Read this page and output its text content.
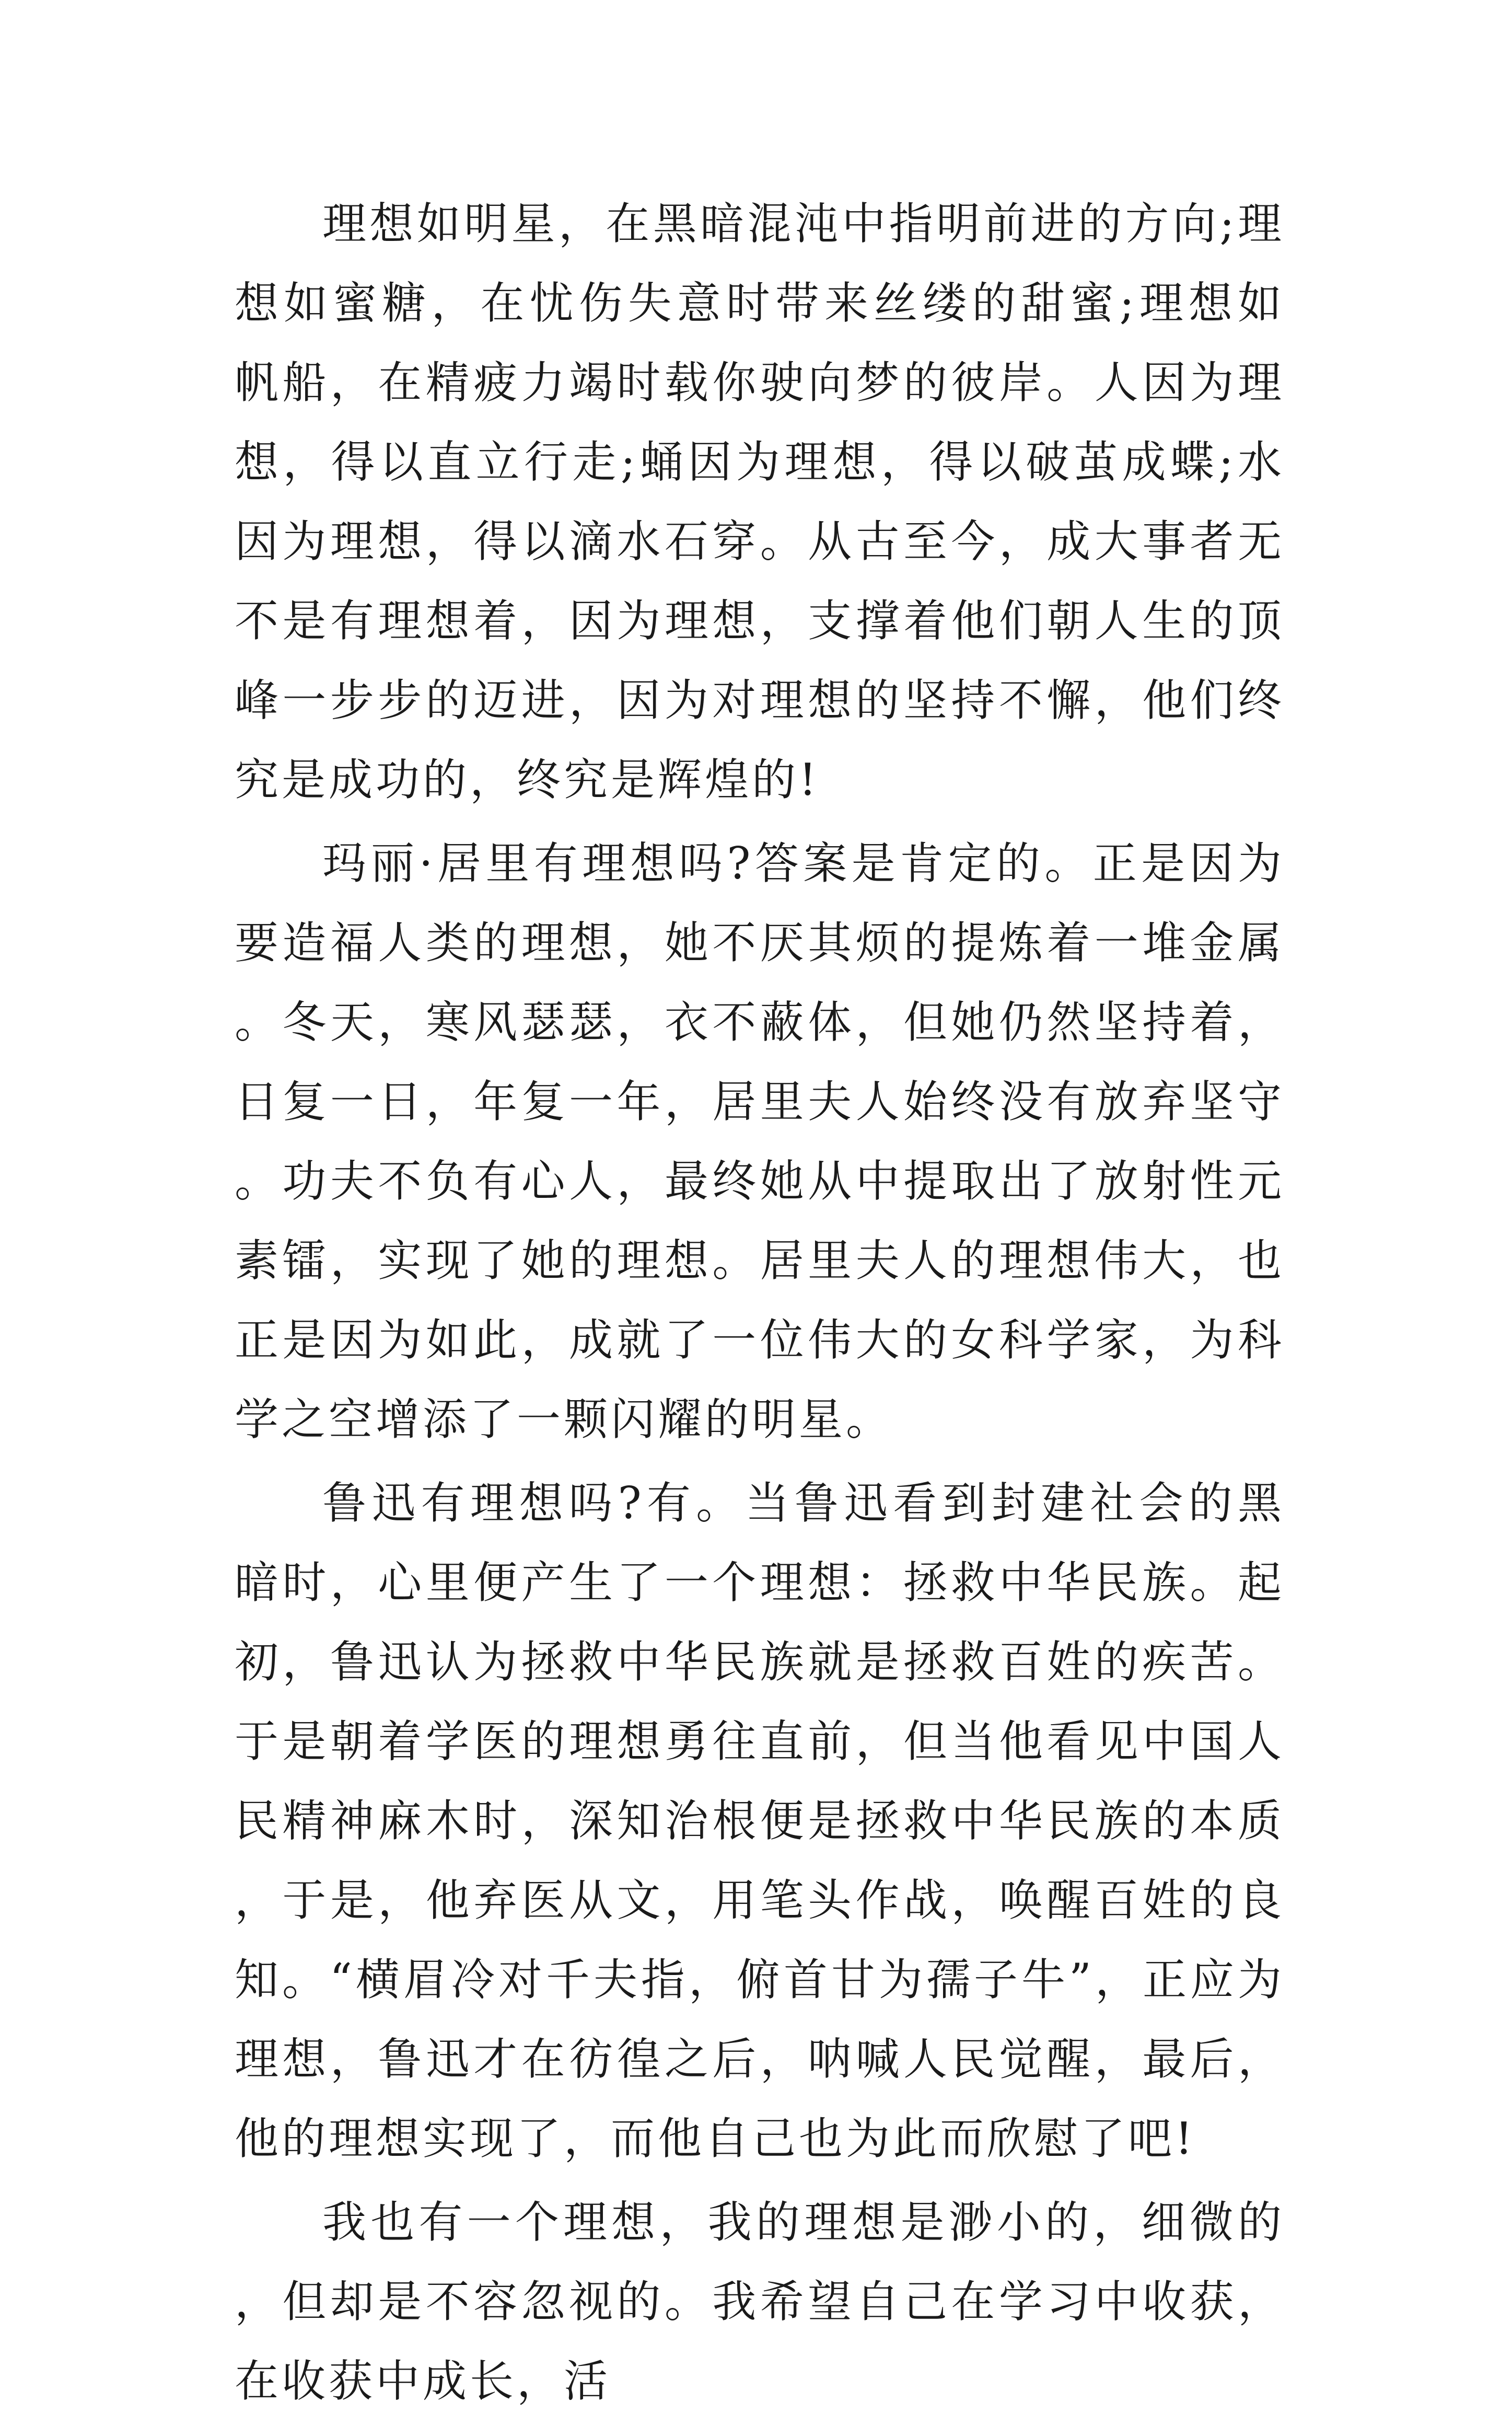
理想如明星，在黑暗混沌中指明前进的方向;理想如蜜糖，在忧伤失意时带来丝缕的甜蜜;理想如帆船，在精疲力竭时载你驶向梦的彼岸。人因为理想，得以直立行走;蛹因为理想，得以破茧成蝶;水因为理想，得以滴水石穿。从古至今，成大事者无不是有理想着，因为理想，支撑着他们朝人生的顶峰一步步的迈进，因为对理想的坚持不懈，他们终究是成功的，终究是辉煌的!

玛丽·居里有理想吗?答案是肯定的。正是因为要造福人类的理想，她不厌其烦的提炼着一堆金属。冬天，寒风瑟瑟，衣不蔽体，但她仍然坚持着，日复一日，年复一年，居里夫人始终没有放弃坚守。功夫不负有心人，最终她从中提取出了放射性元素镭，实现了她的理想。居里夫人的理想伟大，也正是因为如此，成就了一位伟大的女科学家，为科学之空增添了一颗闪耀的明星。

鲁迅有理想吗?有。当鲁迅看到封建社会的黑暗时，心里便产生了一个理想：拯救中华民族。起初，鲁迅认为拯救中华民族就是拯救百姓的疾苦。于是朝着学医的理想勇往直前，但当他看见中国人民精神麻木时，深知治根便是拯救中华民族的本质，于是，他弃医从文，用笔头作战，唤醒百姓的良知。“横眉冷对千夫指，俯首甘为孺子牛”，正应为理想，鲁迅才在彷徨之后，呐喊人民觉醒，最后，他的理想实现了，而他自己也为此而欣慰了吧!

我也有一个理想，我的理想是渺小的，细微的，但却是不容忽视的。我希望自己在学习中收获，在收获中成长，活
